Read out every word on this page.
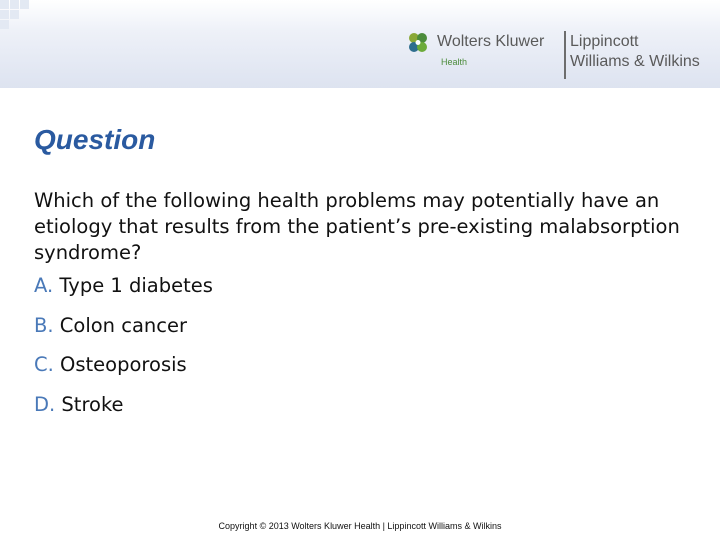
Wolters Kluwer
Health
Lippincott
Williams & Wilkins
Question

Which of the following health problems may potentially have an etiology that results from the patient’s pre-existing malabsorption syndrome?

A. Type 1 diabetes
B. Colon cancer
C. Osteoporosis
D. Stroke
Copyright © 2013 Wolters Kluwer Health | Lippincott Williams & Wilkins
